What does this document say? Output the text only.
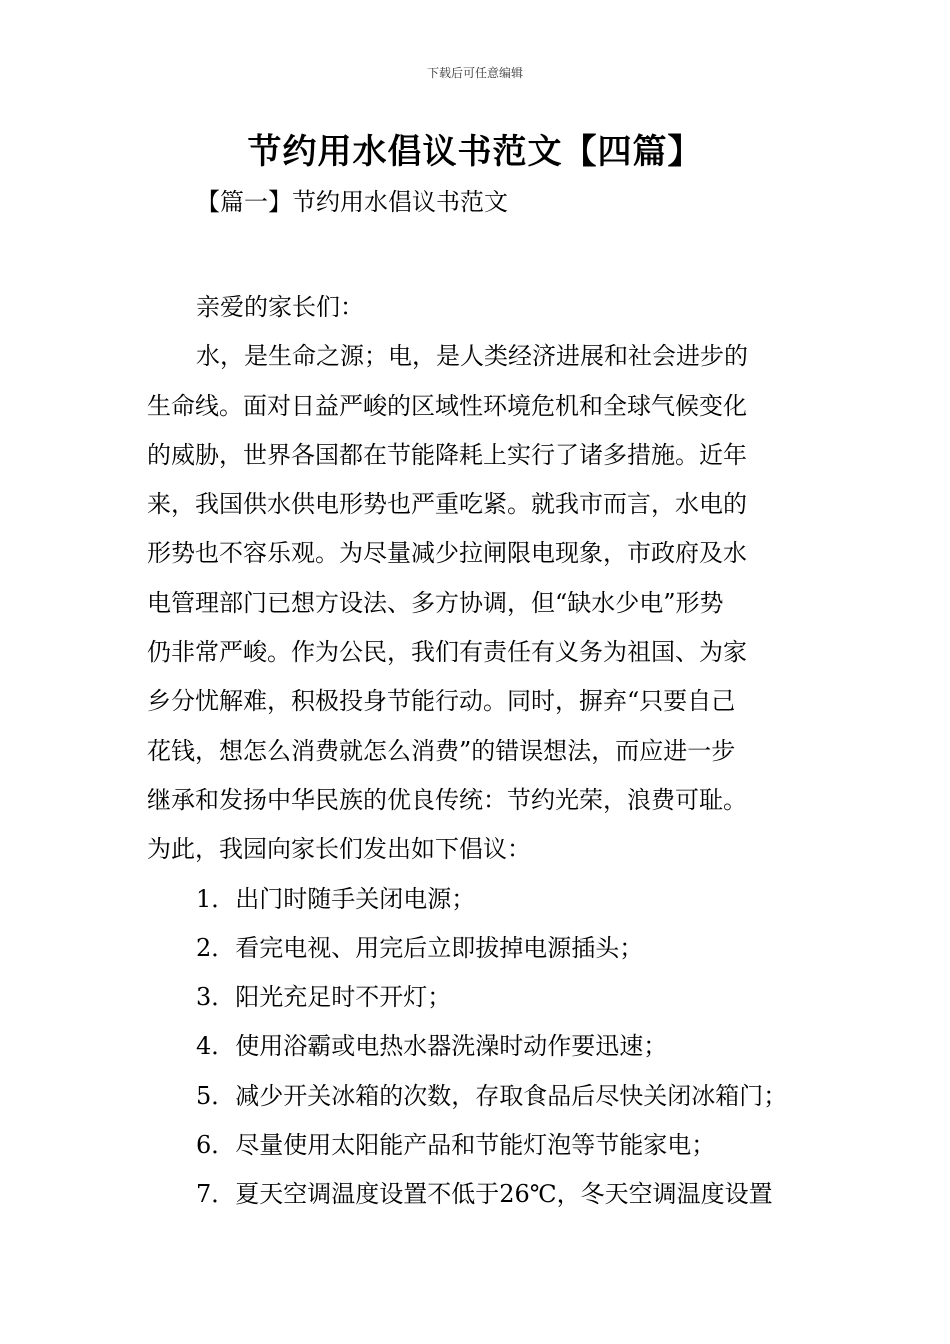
下载后可任意编辑
节约用水倡议书范文【四篇】
【篇一】节约用水倡议书范文
亲爱的家长们：
水，是生命之源；电，是人类经济进展和社会进步的
生命线。面对日益严峻的区域性环境危机和全球气候变化
的威胁，世界各国都在节能降耗上实行了诸多措施。近年
来，我国供水供电形势也严重吃紧。就我市而言，水电的
形势也不容乐观。为尽量减少拉闸限电现象，市政府及水
电管理部门已想方设法、多方协调，但“缺水少电”形势
仍非常严峻。作为公民，我们有责任有义务为祖国、为家
乡分忧解难，积极投身节能行动。同时，摒弃“只要自己
花钱，想怎么消费就怎么消费”的错误想法，而应进一步
继承和发扬中华民族的优良传统：节约光荣，浪费可耻。
为此，我园向家长们发出如下倡议：
1．出门时随手关闭电源；
2．看完电视、用完后立即拔掉电源插头；
3．阳光充足时不开灯；
4．使用浴霸或电热水器洗澡时动作要迅速；
5．减少开关冰箱的次数，存取食品后尽快关闭冰箱门；
6．尽量使用太阳能产品和节能灯泡等节能家电；
7．夏天空调温度设置不低于26℃，冬天空调温度设置
